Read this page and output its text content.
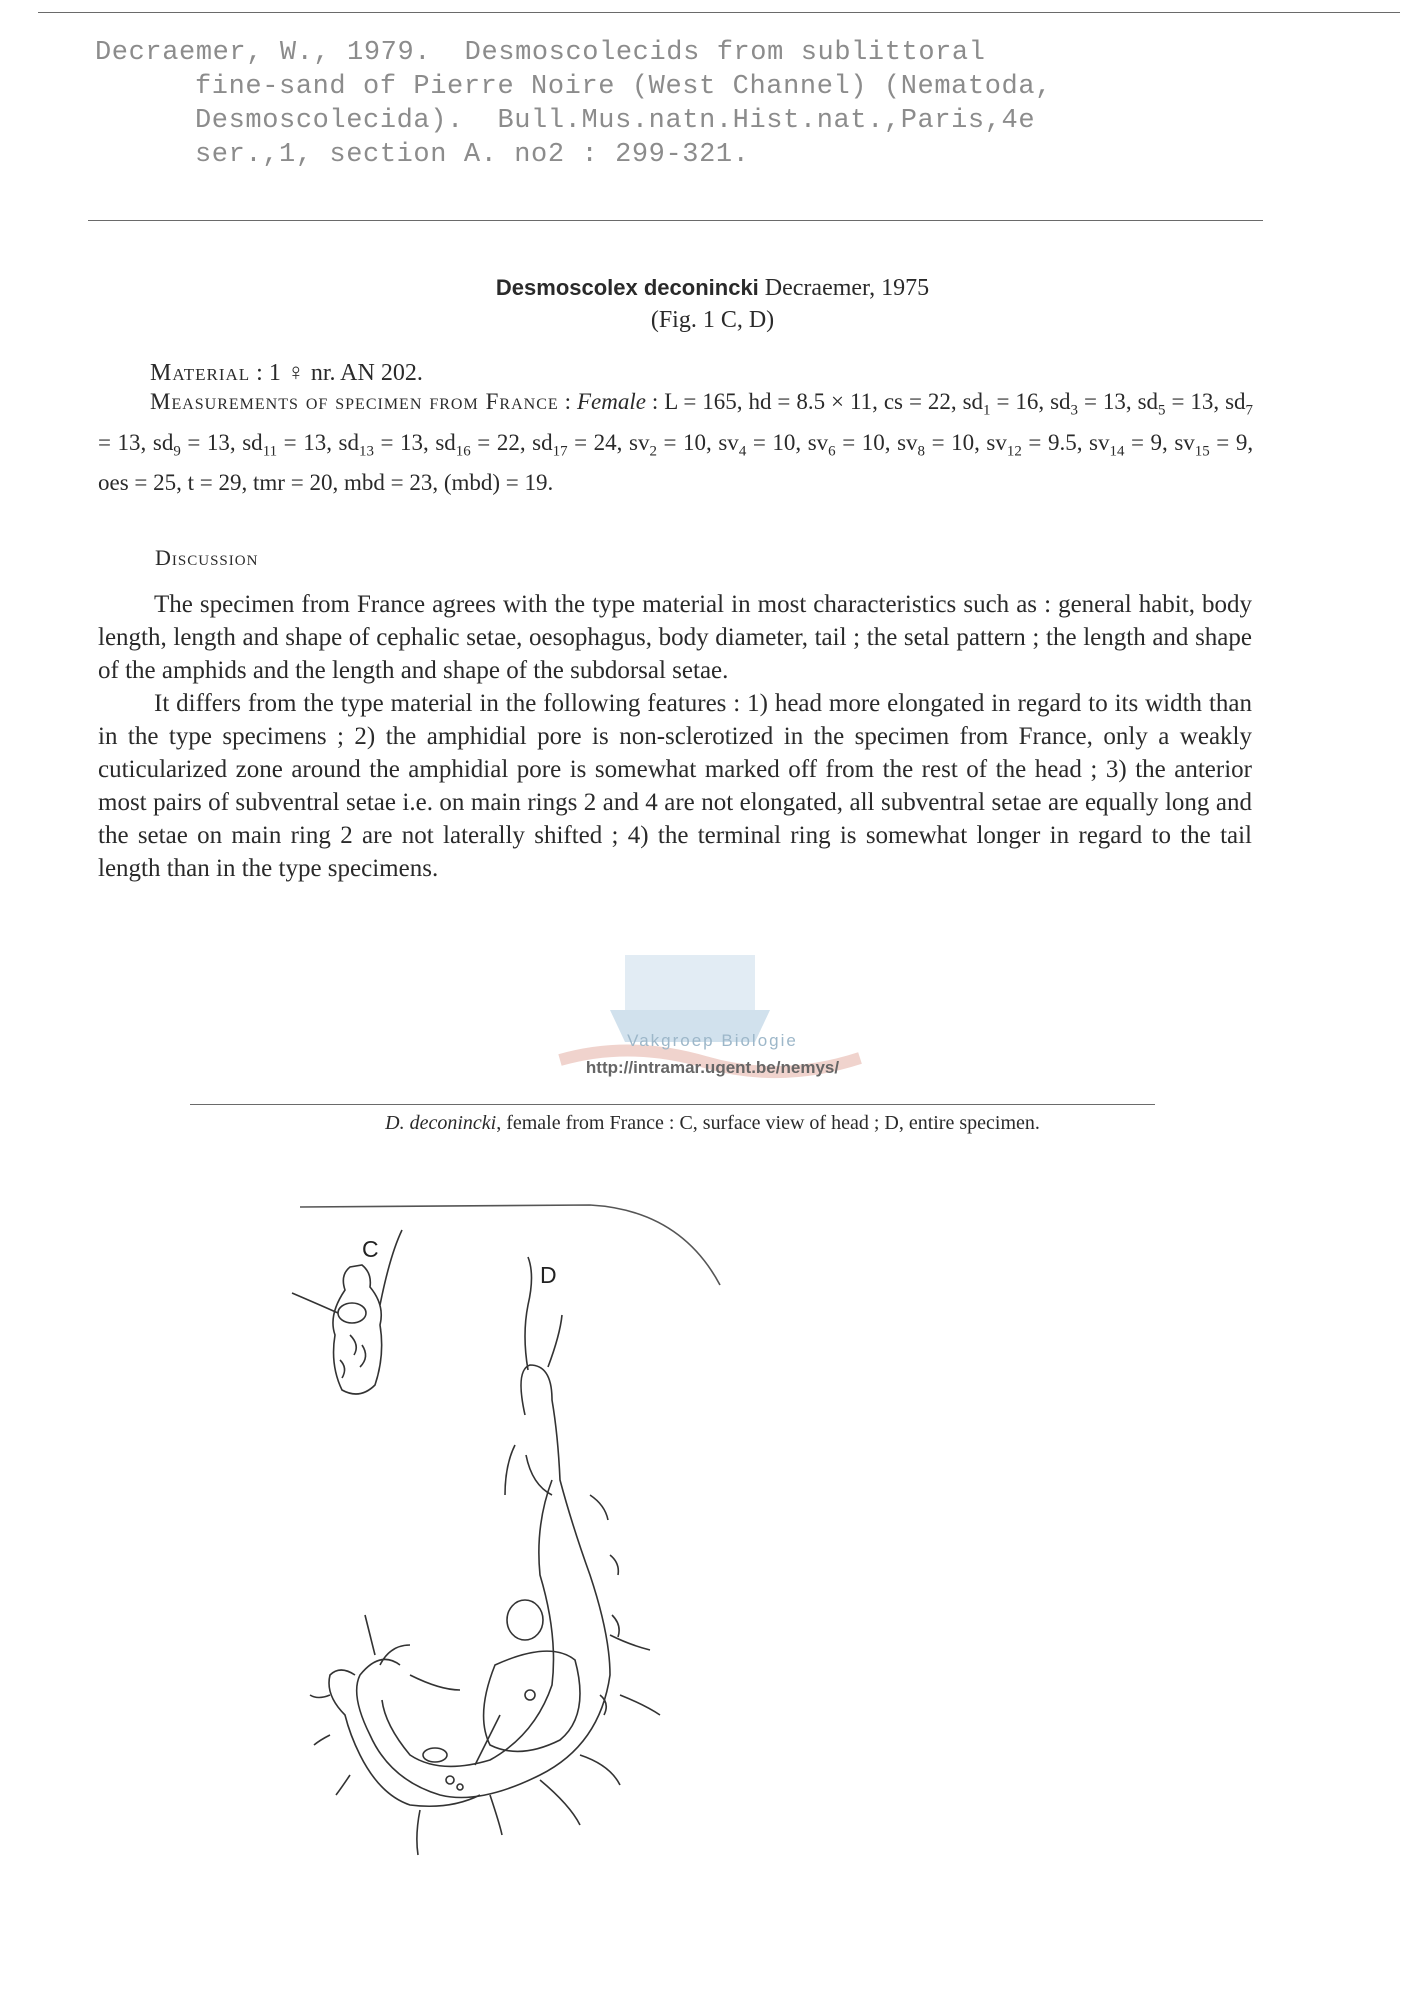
Decraemer, W., 1979.  Desmoscolecids from sublittoral
fine-sand of Pierre Noire (West Channel) (Nematoda,
Desmoscolecida).  Bull.Mus.natn.Hist.nat.,Paris,4e
ser.,1, section A. no2 : 299-321.
Desmoscolex deconincki Decraemer, 1975
(Fig. 1 C, D)
Material : 1 ♀ nr. AN 202.
Measurements of specimen from France : Female : L = 165, hd = 8.5 × 11, cs = 22, $sd_1 = 16$, $sd_3 = 13$, $sd_5 = 13$, $sd_7 = 13$, $sd_9 = 13$, $sd_{11} = 13$, $sd_{13} = 13$, $sd_{16} = 22$, $sd_{17} = 24$, $sv_2 = 10$, $sv_4 = 10$, $sv_6 = 10$, $sv_8 = 10$, $sv_{12} = 9.5$, $sv_{14} = 9$, $sv_{15} = 9$, oes = 25, t = 29, tmr = 20, mbd = 23, (mbd) = 19.
Discussion

The specimen from France agrees with the type material in most characteristics such as : general habit, body length, length and shape of cephalic setae, oesophagus, body diameter, tail ; the setal pattern ; the length and shape of the amphids and the length and shape of the subdorsal setae.

It differs from the type material in the following features : 1) head more elongated in regard to its width than in the type specimens ; 2) the amphidial pore is non-sclerotized in the specimen from France, only a weakly cuticularized zone around the amphidial pore is somewhat marked off from the rest of the head ; 3) the anterior most pairs of subventral setae i.e. on main rings 2 and 4 are not elongated, all subventral setae are equally long and the setae on main ring 2 are not laterally shifted ; 4) the terminal ring is somewhat longer in regard to the tail length than in the type specimens.

Vakgroep Biologie
http://intramar.ugent.be/nemys/
D. deconincki, female from France : C, surface view of head ; D, entire specimen.
C
D
